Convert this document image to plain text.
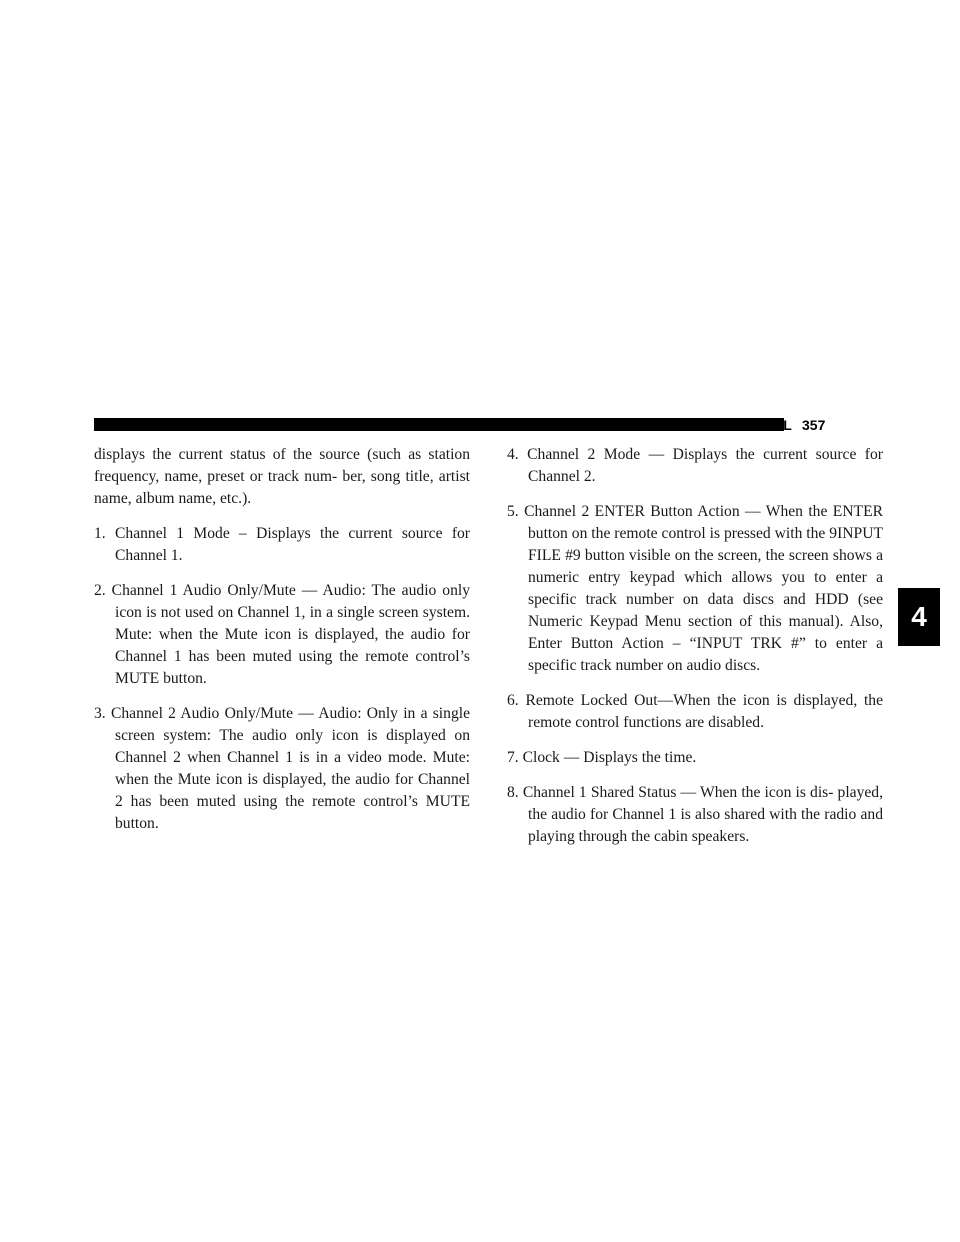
UNDERSTANDING YOUR INSTRUMENT PANEL 357
4

displays the current status of the source (such as station frequency, name, preset or track num- ber, song title, artist name, album name, etc.).

1. Channel 1 Mode – Displays the current source for Channel 1.

2. Channel 1 Audio Only/Mute — Audio: The audio only icon is not used on Channel 1, in a single screen system. Mute: when the Mute icon is displayed, the audio for Channel 1 has been muted using the remote control’s MUTE button.

3. Channel 2 Audio Only/Mute — Audio: Only in a single screen system: The audio only icon is displayed on Channel 2 when Channel 1 is in a video mode. Mute: when the Mute icon is displayed, the audio for Channel 2 has been muted using the remote control’s MUTE button.

4. Channel 2 Mode — Displays the current source for Channel 2.

5. Channel 2 ENTER Button Action — When the ENTER button on the remote control is pressed with the 9INPUT FILE #9 button visible on the screen, the screen shows a numeric entry keypad which allows you to enter a specific track number on data discs and HDD (see Numeric Keypad Menu section of this manual). Also, Enter Button Action – “INPUT TRK #” to enter a specific track number on audio discs.

6. Remote Locked Out—When the icon is displayed, the remote control functions are disabled.

7. Clock — Displays the time.

8. Channel 1 Shared Status — When the icon is dis- played, the audio for Channel 1 is also shared with the radio and playing through the cabin speakers.
